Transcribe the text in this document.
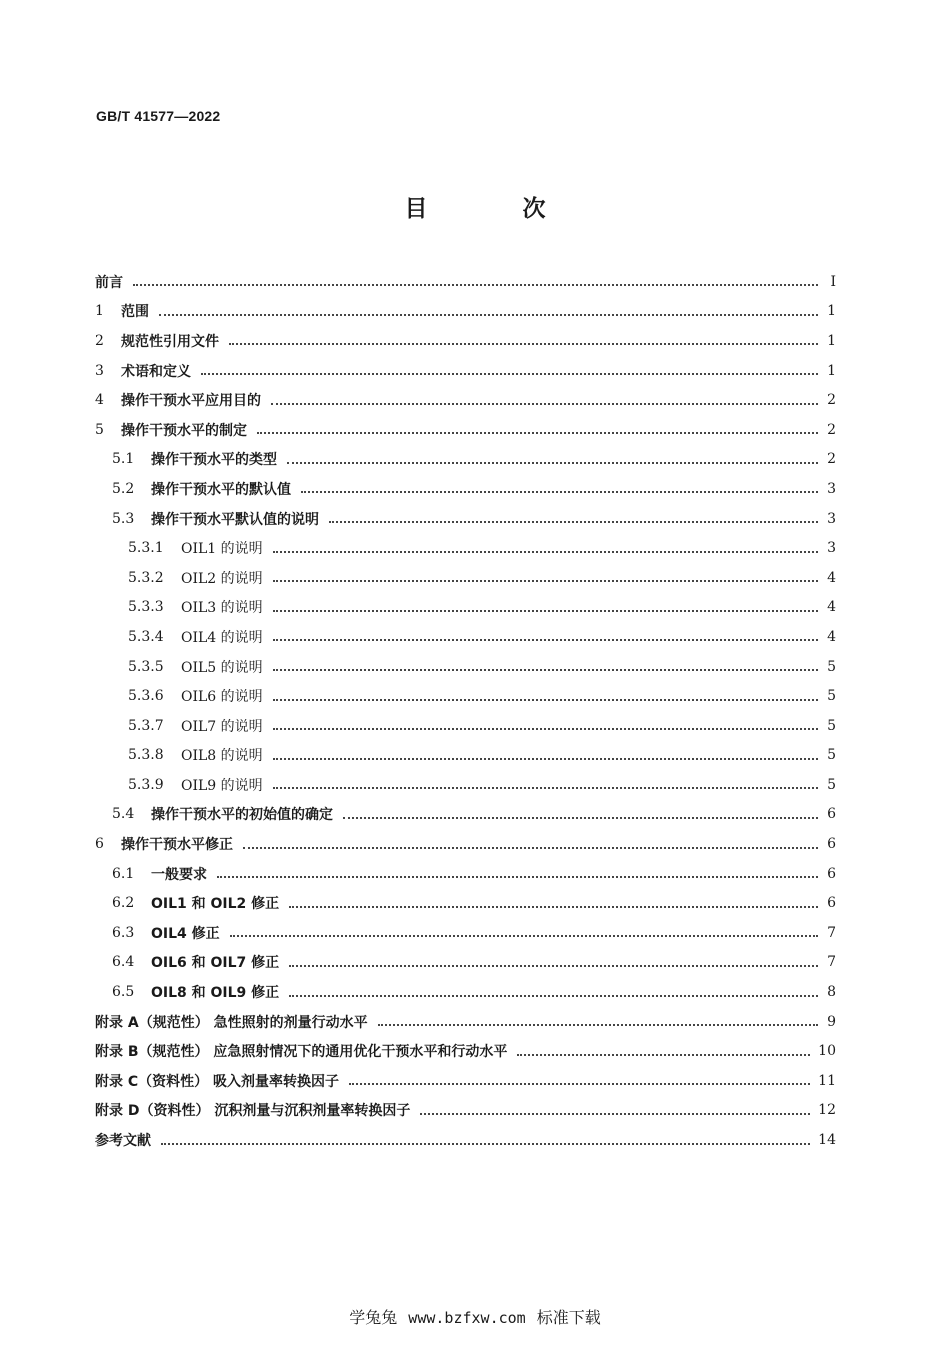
GB/T 41577—2022
目　次
前言	Ⅰ
1	范围	1
2	规范性引用文件	1
3	术语和定义	1
4	操作干预水平应用目的	2
5	操作干预水平的制定	2
5.1	操作干预水平的类型	2
5.2	操作干预水平的默认值	3
5.3	操作干预水平默认值的说明	3
5.3.1	OIL1 的说明	3
5.3.2	OIL2 的说明	4
5.3.3	OIL3 的说明	4
5.3.4	OIL4 的说明	4
5.3.5	OIL5 的说明	5
5.3.6	OIL6 的说明	5
5.3.7	OIL7 的说明	5
5.3.8	OIL8 的说明	5
5.3.9	OIL9 的说明	5
5.4	操作干预水平的初始值的确定	6
6	操作干预水平修正	6
6.1	一般要求	6
6.2	OIL1 和 OIL2 修正	6
6.3	OIL4 修正	7
6.4	OIL6 和 OIL7 修正	7
6.5	OIL8 和 OIL9 修正	8
附录 A（规范性） 急性照射的剂量行动水平	9
附录 B（规范性） 应急照射情况下的通用优化干预水平和行动水平	10
附录 C（资料性） 吸入剂量率转换因子	11
附录 D（资料性） 沉积剂量与沉积剂量率转换因子	12
参考文献	14
学兔兔 www.bzfxw.com 标准下载
